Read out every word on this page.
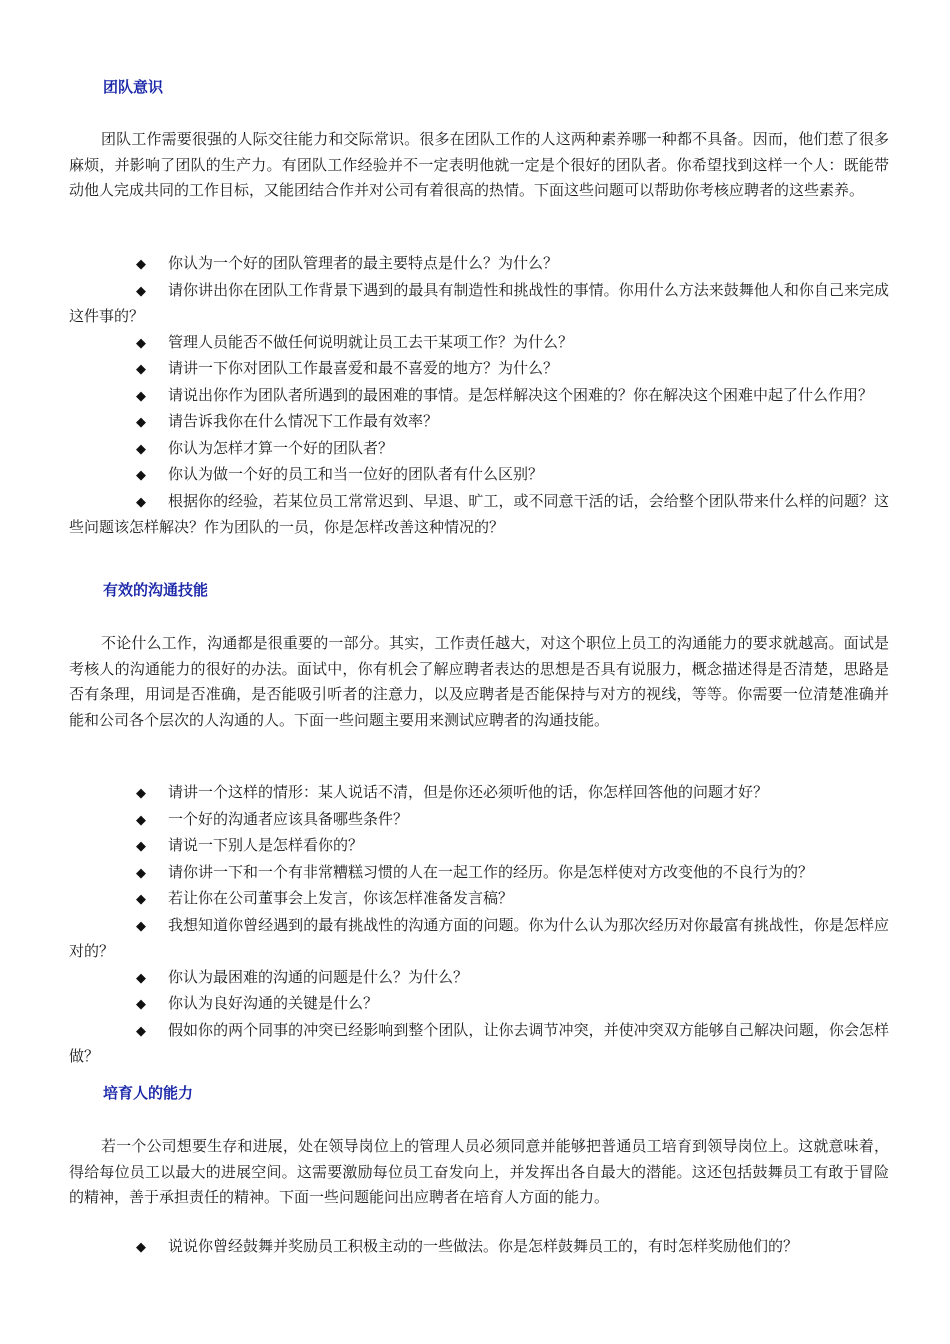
团队意识

团队工作需要很强的人际交往能力和交际常识。很多在团队工作的人这两种素养哪一种都不具备。因而，他们惹了很多麻烦，并影响了团队的生产力。有团队工作经验并不一定表明他就一定是个很好的团队者。你希望找到这样一个人：既能带动他人完成共同的工作目标，又能团结合作并对公司有着很高的热情。下面这些问题可以帮助你考核应聘者的这些素养。

◆ 你认为一个好的团队管理者的最主要特点是什么？为什么？
◆ 请你讲出你在团队工作背景下遇到的最具有制造性和挑战性的事情。你用什么方法来鼓舞他人和你自己来完成这件事的？
◆ 管理人员能否不做任何说明就让员工去干某项工作？为什么？
◆ 请讲一下你对团队工作最喜爱和最不喜爱的地方？为什么？
◆ 请说出你作为团队者所遇到的最困难的事情。是怎样解决这个困难的？你在解决这个困难中起了什么作用？
◆ 请告诉我你在什么情况下工作最有效率？
◆ 你认为怎样才算一个好的团队者？
◆ 你认为做一个好的员工和当一位好的团队者有什么区别？
◆ 根据你的经验，若某位员工常常迟到、早退、旷工，或不同意干活的话，会给整个团队带来什么样的问题？这些问题该怎样解决？作为团队的一员，你是怎样改善这种情况的？
有效的沟通技能

不论什么工作，沟通都是很重要的一部分。其实，工作责任越大，对这个职位上员工的沟通能力的要求就越高。面试是考核人的沟通能力的很好的办法。面试中，你有机会了解应聘者表达的思想是否具有说服力，概念描述得是否清楚，思路是否有条理，用词是否准确，是否能吸引听者的注意力，以及应聘者是否能保持与对方的视线，等等。你需要一位清楚准确并能和公司各个层次的人沟通的人。下面一些问题主要用来测试应聘者的沟通技能。

◆ 请讲一个这样的情形：某人说话不清，但是你还必须听他的话，你怎样回答他的问题才好？
◆ 一个好的沟通者应该具备哪些条件？
◆ 请说一下别人是怎样看你的？
◆ 请你讲一下和一个有非常糟糕习惯的人在一起工作的经历。你是怎样使对方改变他的不良行为的？
◆ 若让你在公司董事会上发言，你该怎样准备发言稿？
◆ 我想知道你曾经遇到的最有挑战性的沟通方面的问题。你为什么认为那次经历对你最富有挑战性，你是怎样应对的？
◆ 你认为最困难的沟通的问题是什么？为什么？
◆ 你认为良好沟通的关键是什么？
◆ 假如你的两个同事的冲突已经影响到整个团队，让你去调节冲突，并使冲突双方能够自己解决问题，你会怎样做？
培育人的能力

若一个公司想要生存和进展，处在领导岗位上的管理人员必须同意并能够把普通员工培育到领导岗位上。这就意味着，得给每位员工以最大的进展空间。这需要激励每位员工奋发向上，并发挥出各自最大的潜能。这还包括鼓舞员工有敢于冒险的精神，善于承担责任的精神。下面一些问题能问出应聘者在培育人方面的能力。

◆ 说说你曾经鼓舞并奖励员工积极主动的一些做法。你是怎样鼓舞员工的，有时怎样奖励他们的？
